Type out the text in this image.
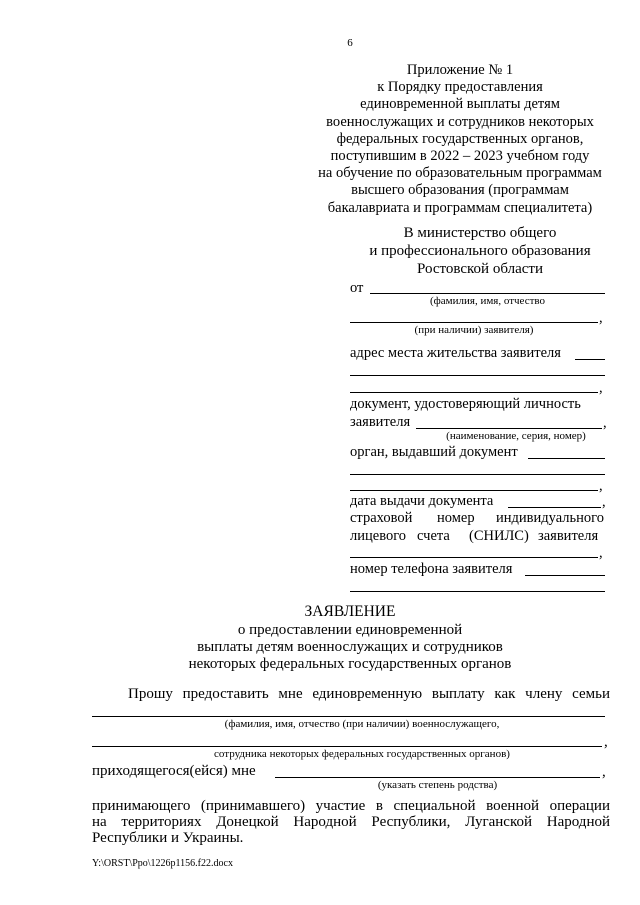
6
Приложение № 1
к Порядку предоставления
единовременной выплаты детям
военнослужащих и сотрудников некоторых
федеральных государственных органов,
поступившим в 2022 – 2023 учебном году
на обучение по образовательным программам
высшего образования (программам
бакалавриата и программам специалитета)
В министерство общего
и профессионального образования
Ростовской области
от
(фамилия, имя, отчество
,
(при наличии) заявителя)
адрес места жительства заявителя
,
документ, удостоверяющий личность
заявителя	,
(наименование, серия, номер)
орган, выдавший документ
,
дата выдачи документа	,
страховой номер индивидуального
лицевого счета (СНИЛС) заявителя
,
номер телефона заявителя
ЗАЯВЛЕНИЕ
о предоставлении единовременной
выплаты детям военнослужащих и сотрудников
некоторых федеральных государственных органов
Прошу предоставить мне единовременную выплату как члену семьи
(фамилия, имя, отчество (при наличии) военнослужащего,
,
сотрудника некоторых федеральных государственных органов)
приходящегося(ейся) мне	,
(указать степень родства)
принимающего (принимавшего) участие в специальной военной операции
на территориях Донецкой Народной Республики, Луганской Народной
Республики и Украины.
Y:\ORST\Ppo\1226p1156.f22.docx
